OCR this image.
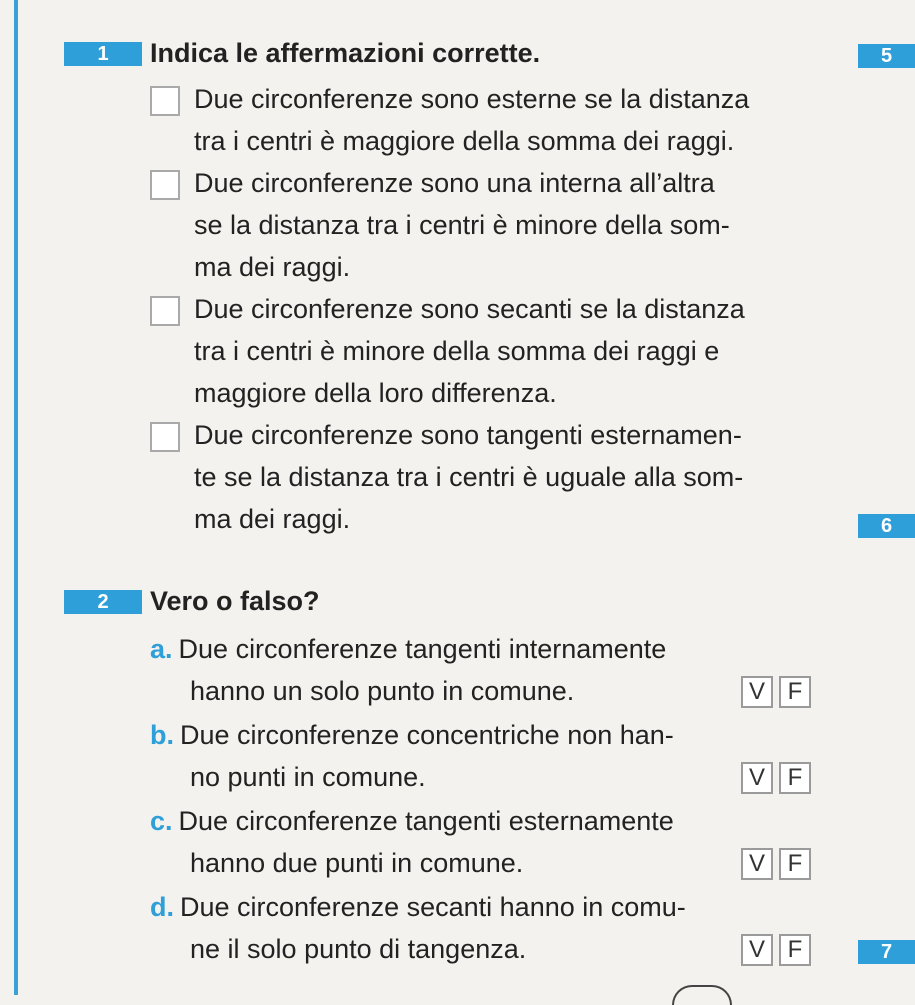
1	Indica le affermazioni corrette.
Due circonferenze sono esterne se la distanza
tra i centri è maggiore della somma dei raggi.
Due circonferenze sono una interna all’altra
se la distanza tra i centri è minore della som-
ma dei raggi.
Due circonferenze sono secanti se la distanza
tra i centri è minore della somma dei raggi e
maggiore della loro differenza.
Due circonferenze sono tangenti esternamen-
te se la distanza tra i centri è uguale alla som-
ma dei raggi.
2	Vero o falso?
a. Due circonferenze tangenti internamente
hanno un solo punto in comune.	V F
b. Due circonferenze concentriche non han-
no punti in comune.	V F
c. Due circonferenze tangenti esternamente
hanno due punti in comune.	V F
d. Due circonferenze secanti hanno in comu-
ne il solo punto di tangenza.	V F
5
6
7
